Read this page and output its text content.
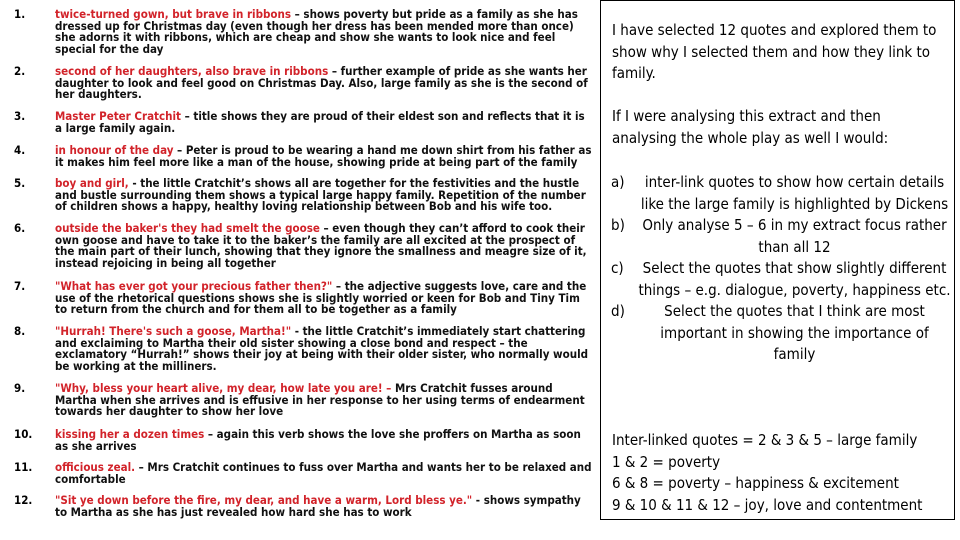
1.	twice-turned gown, but brave in ribbons – shows poverty but pride as a family as she has dressed up for Christmas day (even though her dress has been mended more than once) she adorns it with ribbons, which are cheap and show she wants to look nice and feel special for the day
2.	second of her daughters, also brave in ribbons – further example of pride as she wants her daughter to look and feel good on Christmas Day. Also, large family as she is the second of her daughters.
3.	Master Peter Cratchit – title shows they are proud of their eldest son and reflects that it is a large family again.
4.	in honour of the day – Peter is proud to be wearing a hand me down shirt from his father as it makes him feel more like a man of the house, showing pride at being part of the family
5.	boy and girl, - the little Cratchit’s shows all are together for the festivities and the hustle and bustle surrounding them shows a typical large happy family. Repetition of the number of children shows a happy, healthy loving relationship between Bob and his wife too.
6.	outside the baker's they had smelt the goose – even though they can’t afford to cook their own goose and have to take it to the baker’s the family are all excited at the prospect of the main part of their lunch, showing that they ignore the smallness and meagre size of it, instead rejoicing in being all together
7.	"What has ever got your precious father then?" – the adjective suggests love, care and the use of the rhetorical questions shows she is slightly worried or keen for Bob and Tiny Tim to return from the church and for them all to be together as a family
8.	"Hurrah! There's such a goose, Martha!" - the little Cratchit’s immediately start chattering and exclaiming to Martha their old sister showing a close bond and respect – the exclamatory “Hurrah!” shows their joy at being with their older sister, who normally would be working at the milliners.
9.	"Why, bless your heart alive, my dear, how late you are! – Mrs Cratchit fusses around Martha when she arrives and is effusive in her response to her using terms of endearment towards her daughter to show her love
10. kissing her a dozen times – again this verb shows the love she proffers on Martha as soon as she arrives
11. officious zeal. – Mrs Cratchit continues to fuss over Martha and wants her to be relaxed and comfortable
12. "Sit ye down before the fire, my dear, and have a warm, Lord bless ye." - shows sympathy to Martha as she has just revealed how hard she has to work
I have selected 12 quotes and explored them to show why I selected them and how they link to family.
If I were analysing this extract and then analysing the whole play as well I would:
a)	inter-link quotes to show how certain details like the large family is highlighted by Dickens
b) Only analyse 5 – 6 in my extract focus rather than all 12
c)	Select the quotes that show slightly different things – e.g. dialogue, poverty, happiness etc.
d)	Select the quotes that I think are most important in showing the importance of family
Inter-linked quotes = 2 & 3 & 5 – large family
1 & 2 = poverty
6 & 8 = poverty – happiness & excitement
9 & 10 & 11 & 12 – joy, love and contentment
